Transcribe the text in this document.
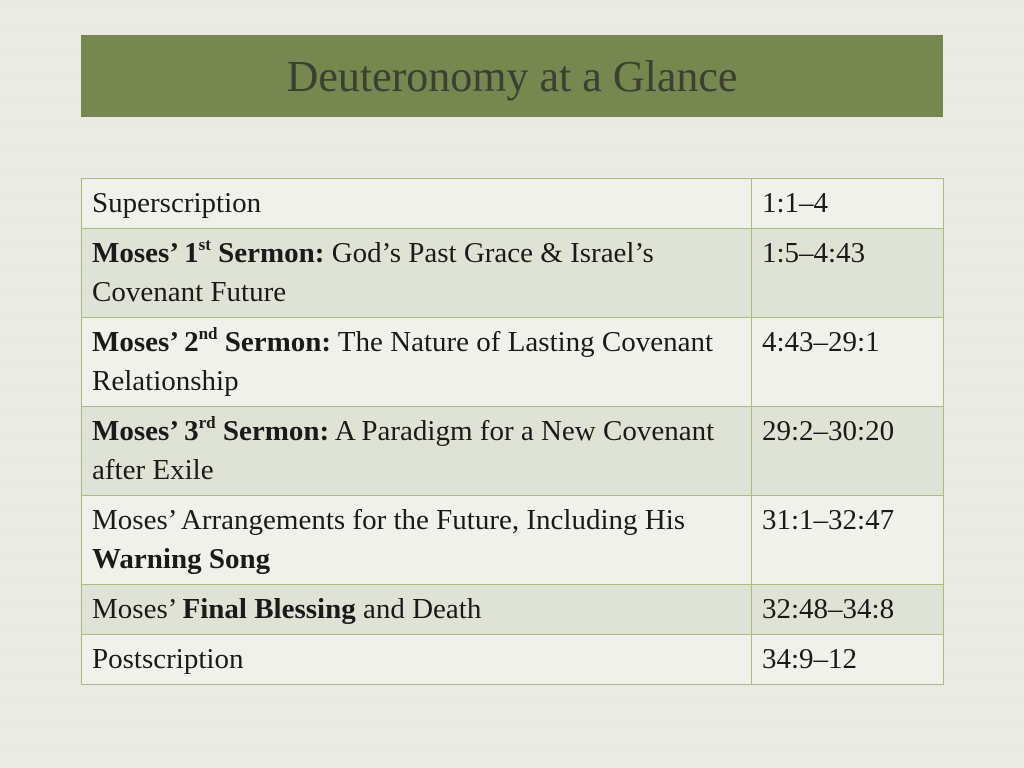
Deuteronomy at a Glance
Superscription	1:1–4
Moses’ 1st Sermon: God’s Past Grace & Israel’s Covenant Future	1:5–4:43
Moses’ 2nd Sermon: The Nature of Lasting Covenant Relationship	4:43–29:1
Moses’ 3rd Sermon: A Paradigm for a New Covenant after Exile	29:2–30:20
Moses’ Arrangements for the Future, Including His Warning Song	31:1–32:47
Moses’ Final Blessing and Death	32:48–34:8
Postscription	34:9–12
